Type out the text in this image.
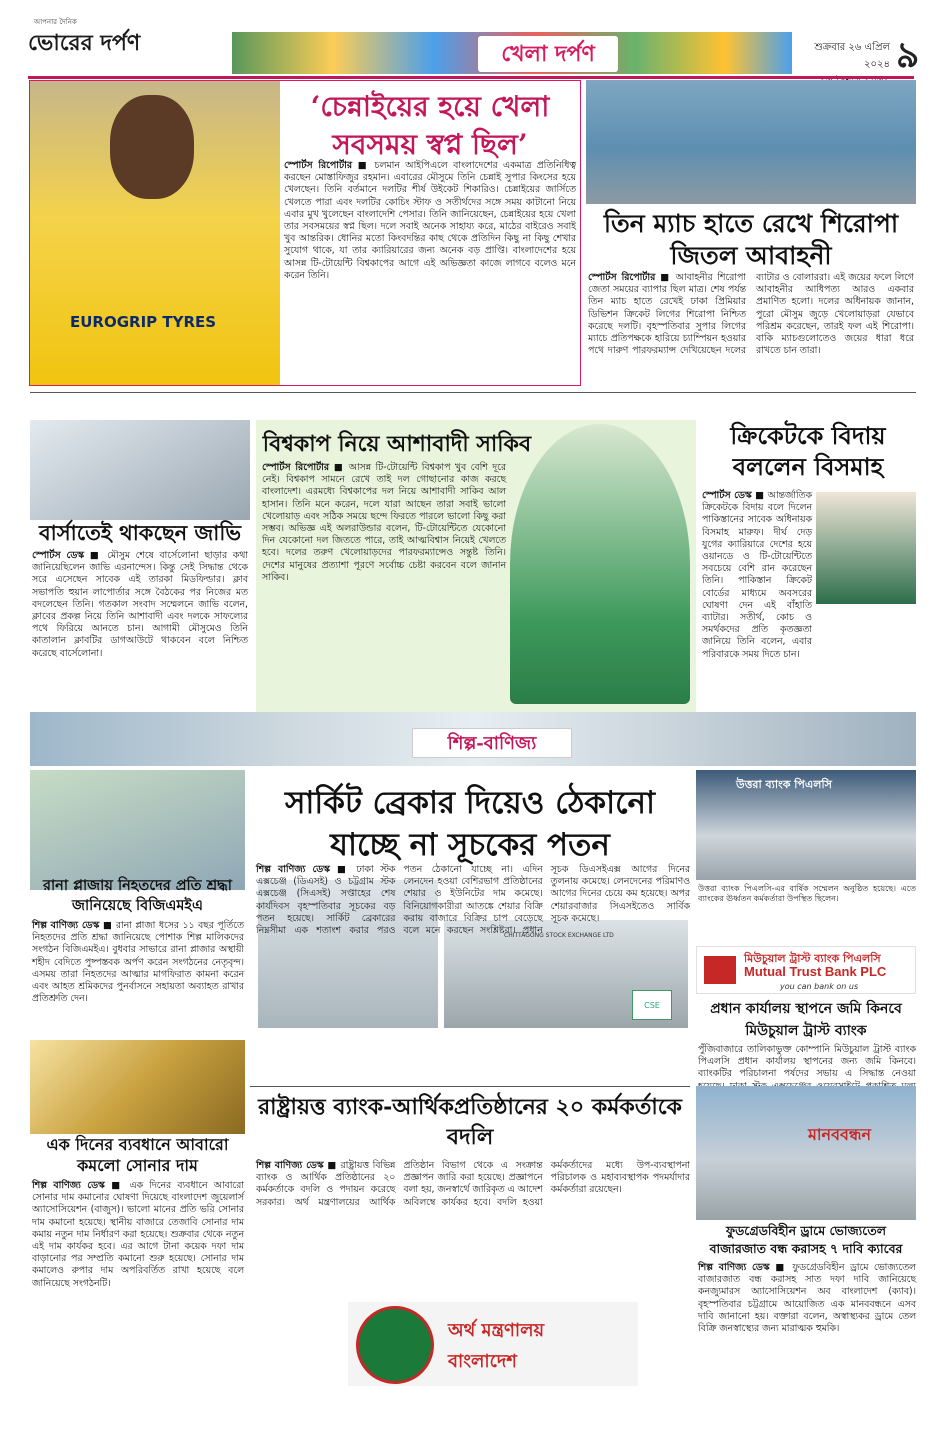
আপনার দৈনিক
ভোরের দর্পণ	খেলা দর্পণ	শুক্রবার ২৬ এপ্রিল ২০২৪ ৯
EUROGRIP TYRES
‘চেন্নাইয়ের হয়ে খেলা সবসময় স্বপ্ন ছিল’
স্পোর্টস রিপোর্টার ■ চলমান আইপিএলে বাংলাদেশের একমাত্র প্রতিনিধিত্ব করছেন মোস্তাফিজুর রহমান। এবারের মৌসুমে তিনি চেন্নাই সুপার কিংসের হয়ে খেলছেন। তিনি বর্তমানে দলটির শীর্ষ উইকেট শিকারিও। চেন্নাইয়ের জার্সিতে খেলতে পারা এবং দলটির কোচিং স্টাফ ও সতীর্থদের সঙ্গে সময় কাটানো নিয়ে এবার মুখ খুলেছেন বাংলাদেশি পেসার। তিনি জানিয়েছেন, চেন্নাইয়ের হয়ে খেলা তার সবসময়ের স্বপ্ন ছিল। দলে সবাই অনেক সাহায্য করে, মাঠের বাইরেও সবাই খুব আন্তরিক। ধোনির মতো কিংবদন্তির কাছ থেকে প্রতিদিন কিছু না কিছু শেখার সুযোগ থাকে, যা তার ক্যারিয়ারের জন্য অনেক বড় প্রাপ্তি। বাংলাদেশের হয়ে আসন্ন টি-টোয়েন্টি বিশ্বকাপের আগে এই অভিজ্ঞতা কাজে লাগবে বলেও মনে করেন তিনি।
তিন ম্যাচ হাতে রেখে শিরোপা জিতল আবাহনী
স্পোর্টস রিপোর্টার ■ আবাহনীর শিরোপা জেতা সময়ের ব্যাপার ছিল মাত্র। শেষ পর্যন্ত তিন ম্যাচ হাতে রেখেই ঢাকা প্রিমিয়ার ডিভিশন ক্রিকেট লিগের শিরোপা নিশ্চিত করেছে দলটি। বৃহস্পতিবার সুপার লিগের ম্যাচে প্রতিপক্ষকে হারিয়ে চ্যাম্পিয়ন হওয়ার পথে দারুণ পারফরম্যান্স দেখিয়েছেন দলের ব্যাটার ও বোলাররা। এই জয়ের ফলে লিগে আবাহনীর আধিপত্য আরও একবার প্রমাণিত হলো। দলের অধিনায়ক জানান, পুরো মৌসুম জুড়ে খেলোয়াড়রা যেভাবে পরিশ্রম করেছেন, তারই ফল এই শিরোপা। বাকি ম্যাচগুলোতেও জয়ের ধারা ধরে রাখতে চান তারা।
বার্সাতেই থাকছেন জাভি
স্পোর্টস ডেস্ক ■ মৌসুম শেষে বার্সেলোনা ছাড়ার কথা জানিয়েছিলেন জাভি এরনান্দেস। কিন্তু সেই সিদ্ধান্ত থেকে সরে এসেছেন সাবেক এই তারকা মিডফিল্ডার। ক্লাব সভাপতি হুয়ান লাপোর্তার সঙ্গে বৈঠকের পর নিজের মত বদলেছেন তিনি। গতকাল সংবাদ সম্মেলনে জাভি বলেন, ক্লাবের প্রকল্প নিয়ে তিনি আশাবাদী এবং দলকে সাফল্যের পথে ফিরিয়ে আনতে চান। আগামী মৌসুমেও তিনি কাতালান ক্লাবটির ডাগআউটে থাকবেন বলে নিশ্চিত করেছে বার্সেলোনা।
বিশ্বকাপ নিয়ে আশাবাদী সাকিব
স্পোর্টস রিপোর্টার ■ আসন্ন টি-টোয়েন্টি বিশ্বকাপ খুব বেশি দূরে নেই। বিশ্বকাপ সামনে রেখে তাই দল গোছানোর কাজ করছে বাংলাদেশ। এরমধ্যে বিশ্বকাপের দল নিয়ে আশাবাদী সাকিব আল হাসান। তিনি মনে করেন, দলে যারা আছেন তারা সবাই ভালো খেলোয়াড় এবং সঠিক সময়ে ছন্দে ফিরতে পারলে ভালো কিছু করা সম্ভব। অভিজ্ঞ এই অলরাউন্ডার বলেন, টি-টোয়েন্টিতে যেকোনো দিন যেকোনো দল জিততে পারে, তাই আত্মবিশ্বাস নিয়েই খেলতে হবে। দলের তরুণ খেলোয়াড়দের পারফরম্যান্সেও সন্তুষ্ট তিনি। দেশের মানুষের প্রত্যাশা পূরণে সর্বোচ্চ চেষ্টা করবেন বলে জানান সাকিব।
ক্রিকেটকে বিদায় বললেন বিসমাহ
স্পোর্টস ডেস্ক ■ আন্তর্জাতিক ক্রিকেটকে বিদায় বলে দিলেন পাকিস্তানের সাবেক অধিনায়ক বিসমাহ মারুফ। দীর্ঘ দেড় যুগের ক্যারিয়ারে দেশের হয়ে ওয়ানডে ও টি-টোয়েন্টিতে সবচেয়ে বেশি রান করেছেন তিনি। পাকিস্তান ক্রিকেট বোর্ডের মাধ্যমে অবসরের ঘোষণা দেন এই বাঁহাতি ব্যাটার। সতীর্থ, কোচ ও সমর্থকদের প্রতি কৃতজ্ঞতা জানিয়ে তিনি বলেন, এবার পরিবারকে সময় দিতে চান।
শিল্প-বাণিজ্য
রানা প্লাজায় নিহতদের প্রতি শ্রদ্ধা জানিয়েছে বিজিএমইএ
শিল্প বাণিজ্য ডেস্ক ■ রানা প্লাজা ধসের ১১ বছর পূর্তিতে নিহতদের প্রতি শ্রদ্ধা জানিয়েছে পোশাক শিল্প মালিকদের সংগঠন বিজিএমইএ। বুধবার সাভারে রানা প্লাজার অস্থায়ী শহীদ বেদিতে পুষ্পস্তবক অর্পণ করেন সংগঠনের নেতৃবৃন্দ। এসময় তারা নিহতদের আত্মার মাগফিরাত কামনা করেন এবং আহত শ্রমিকদের পুনর্বাসনে সহায়তা অব্যাহত রাখার প্রতিশ্রুতি দেন।
এক দিনের ব্যবধানে আবারো কমলো সোনার দাম
শিল্প বাণিজ্য ডেস্ক ■ এক দিনের ব্যবধানে আবারো সোনার দাম কমানোর ঘোষণা দিয়েছে বাংলাদেশ জুয়েলার্স অ্যাসোসিয়েশন (বাজুস)। ভালো মানের প্রতি ভরি সোনার দাম কমানো হয়েছে। স্থানীয় বাজারে তেজাবি সোনার দাম কমায় নতুন দাম নির্ধারণ করা হয়েছে। শুক্রবার থেকে নতুন এই দাম কার্যকর হবে। এর আগে টানা কয়েক দফা দাম বাড়ানোর পর সম্প্রতি কমানো শুরু হয়েছে। সোনার দাম কমালেও রুপার দাম অপরিবর্তিত রাখা হয়েছে বলে জানিয়েছে সংগঠনটি।
সার্কিট ব্রেকার দিয়েও ঠেকানো যাচ্ছে না সূচকের পতন
CHITTAGONG STOCK EXCHANGE LTD
CSE
শিল্প বাণিজ্য ডেস্ক ■ ঢাকা স্টক এক্সচেঞ্জ (ডিএসই) ও চট্টগ্রাম স্টক এক্সচেঞ্জ (সিএসই) সপ্তাহের শেষ কার্যদিবস বৃহস্পতিবার সূচকের বড় পতন হয়েছে। সার্কিট ব্রেকারের নিম্নসীমা এক শতাংশ করার পরও পতন ঠেকানো যাচ্ছে না। এদিন লেনদেন হওয়া বেশিরভাগ প্রতিষ্ঠানের শেয়ার ও ইউনিটের দাম কমেছে। বিনিয়োগকারীরা আতঙ্কে শেয়ার বিক্রি করায় বাজারে বিক্রির চাপ বেড়েছে বলে মনে করছেন সংশ্লিষ্টরা। প্রধান সূচক ডিএসইএক্স আগের দিনের তুলনায় কমেছে। লেনদেনের পরিমাণও আগের দিনের চেয়ে কম হয়েছে। অপর শেয়ারবাজার সিএসইতেও সার্বিক সূচক কমেছে।
রাষ্ট্রায়ত্ত ব্যাংক-আর্থিকপ্রতিষ্ঠানের ২০ কর্মকর্তাকে বদলি
শিল্প বাণিজ্য ডেস্ক ■ রাষ্ট্রায়ত্ত বিভিন্ন ব্যাংক ও আর্থিক প্রতিষ্ঠানের ২০ কর্মকর্তাকে বদলি ও পদায়ন করেছে সরকার। অর্থ মন্ত্রণালয়ের আর্থিক প্রতিষ্ঠান বিভাগ থেকে এ সংক্রান্ত প্রজ্ঞাপন জারি করা হয়েছে। প্রজ্ঞাপনে বলা হয়, জনস্বার্থে জারিকৃত এ আদেশ অবিলম্বে কার্যকর হবে। বদলি হওয়া কর্মকর্তাদের মধ্যে উপ-ব্যবস্থাপনা পরিচালক ও মহাব্যবস্থাপক পদমর্যাদার কর্মকর্তারা রয়েছেন।
অর্থ মন্ত্রণালয়
বাংলাদেশ
উত্তরা ব্যাংক পিএলসি
উত্তরা ব্যাংক পিএলসি-এর বার্ষিক সম্মেলন অনুষ্ঠিত হয়েছে। এতে ব্যাংকের ঊর্ধ্বতন কর্মকর্তারা উপস্থিত ছিলেন।
মিউচুয়াল ট্রাস্ট ব্যাংক পিএলসি
Mutual Trust Bank PLC
you can bank on us
প্রধান কার্যালয় স্থাপনে জমি কিনবে মিউচুয়াল ট্রাস্ট ব্যাংক
পুঁজিবাজারে তালিকাভুক্ত কোম্পানি মিউচুয়াল ট্রাস্ট ব্যাংক পিএলসি প্রধান কার্যালয় স্থাপনের জন্য জমি কিনবে। ব্যাংকটির পরিচালনা পর্ষদের সভায় এ সিদ্ধান্ত নেওয়া
মানববন্ধন
ফুডগ্রেডবিহীন ড্রামে ভোজ্যতেল বাজারজাত বন্ধ করাসহ ৭ দাবি ক্যাবের
শিল্প বাণিজ্য ডেস্ক ■ ফুডগ্রেডবিহীন ড্রামে ভোজ্যতেল বাজারজাত বন্ধ করাসহ সাত দফা দাবি জানিয়েছে কনজ্যুমারস অ্যাসোসিয়েশন অব বাংলাদেশ (ক্যাব)। বৃহস্পতিবার চট্টগ্রামে আয়োজিত এক মানববন্ধনে এসব দাবি জানানো হয়। বক্তারা বলেন, অস্বাস্থ্যকর ড্রামে তেল বিক্রি জনস্বাস্থ্যের জন্য মারাত্মক হুমকি।
